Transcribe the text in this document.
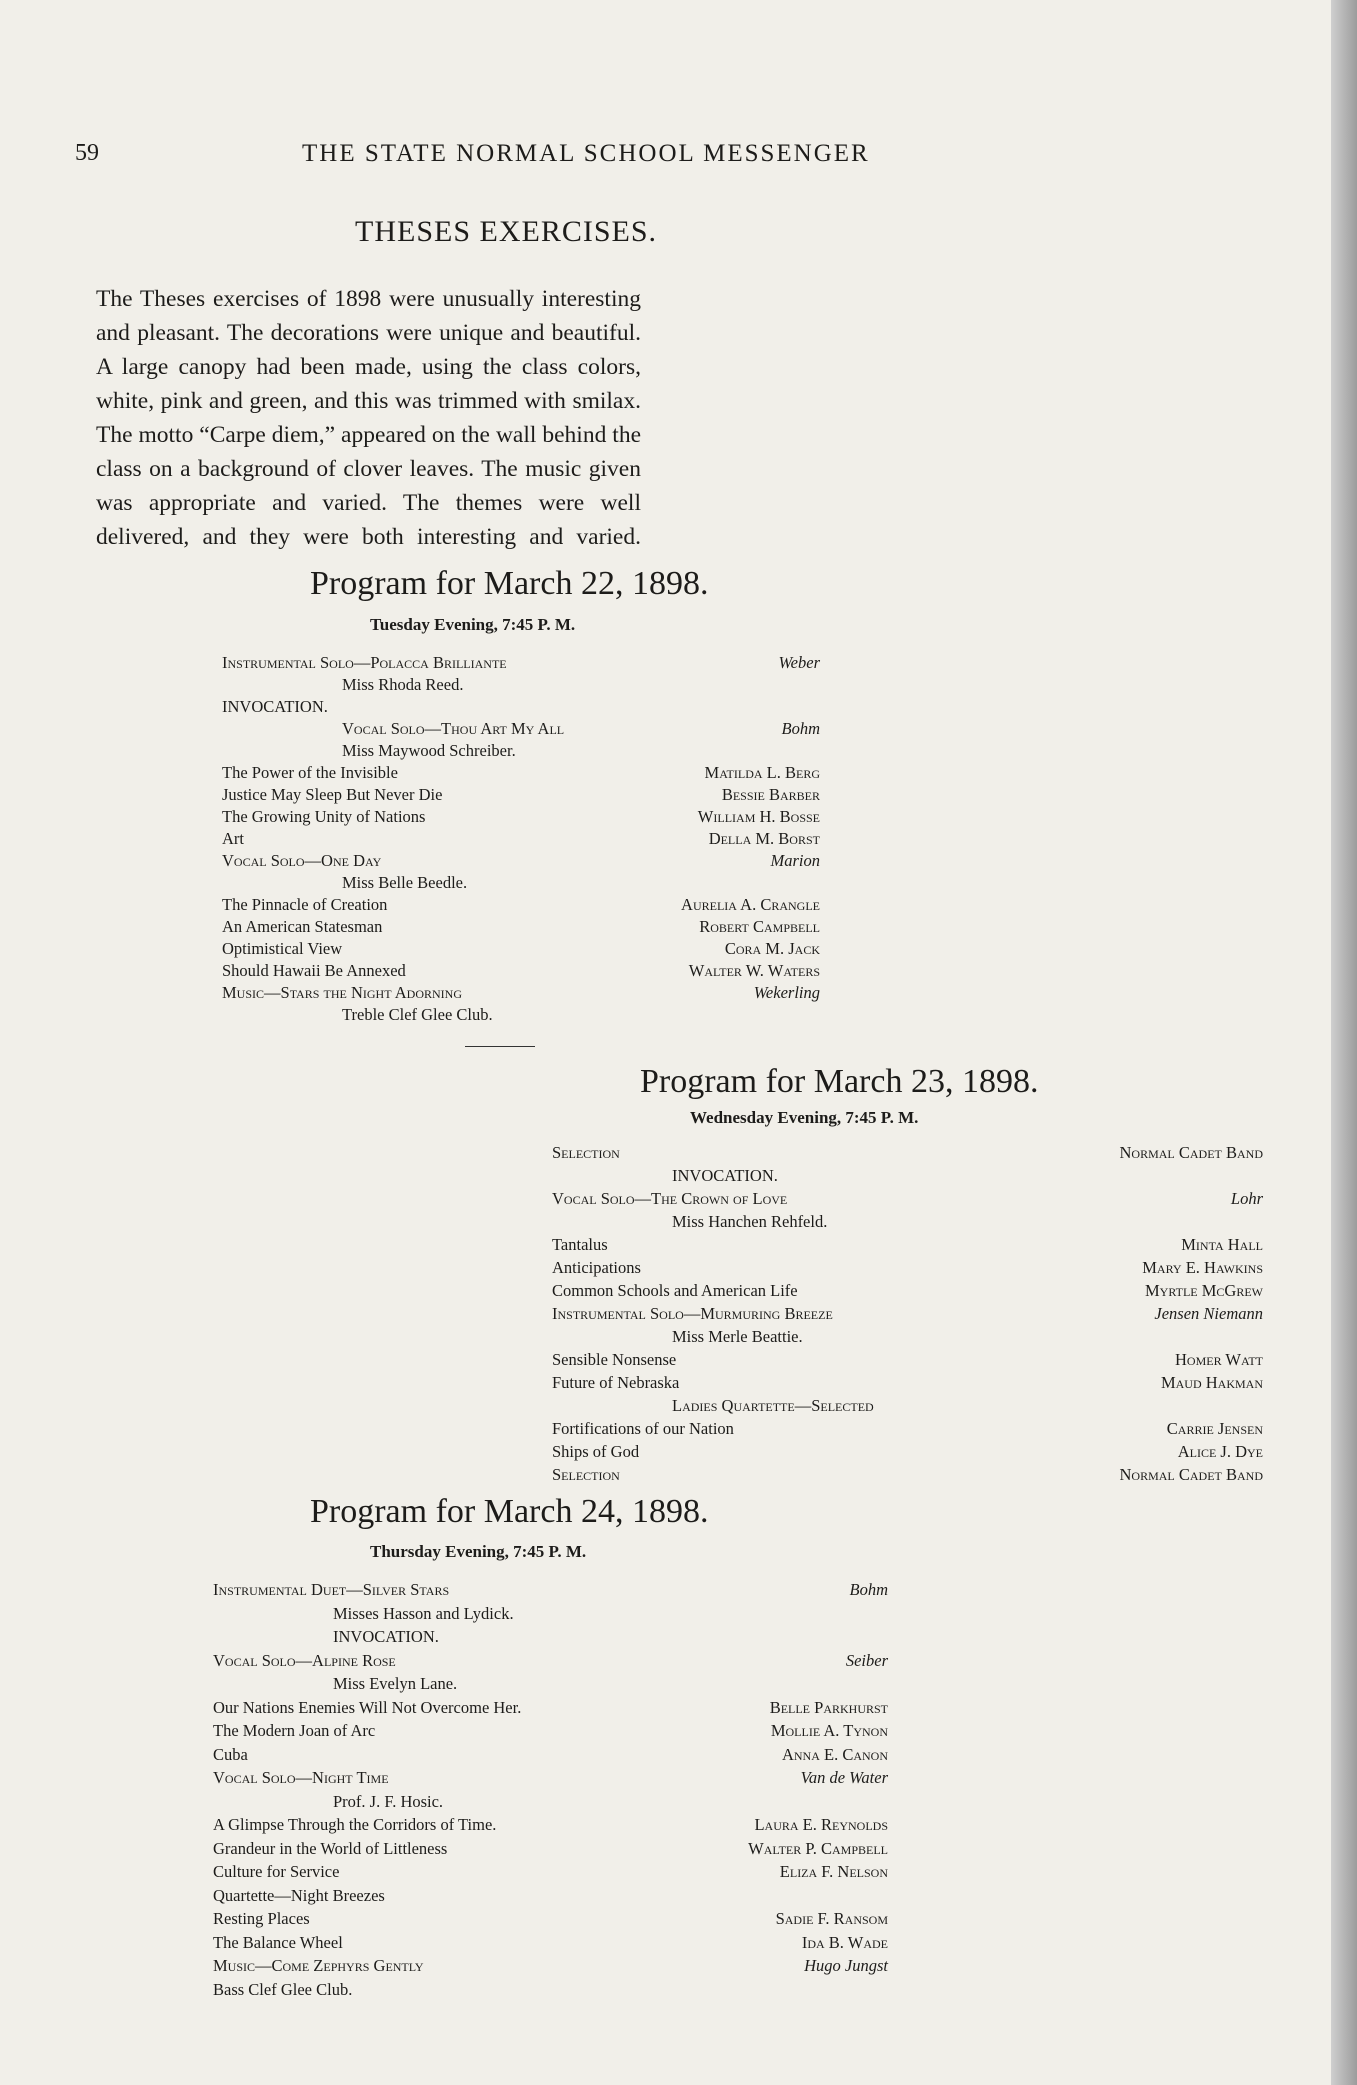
59	THE STATE NORMAL SCHOOL MESSENGER
THESES EXERCISES.

The Theses exercises of 1898 were unusually interesting and pleasant. The decorations were unique and beautiful. A large canopy had been made, using the class colors, white, pink and green, and this was trimmed with smilax. The motto “Carpe diem,” appeared on the wall behind the class on a background of clover leaves. The music given was appropriate and varied. The themes were well delivered, and they were both interesting and varied.

Program for March 22, 1898.
Tuesday Evening, 7:45 P. M.
Instrumental Solo—Polacca Brilliante	Weber
Miss Rhoda Reed.
INVOCATION.
Vocal Solo—Thou Art My All	Bohm
Miss Maywood Schreiber.
The Power of the Invisible	Matilda L. Berg
Justice May Sleep But Never Die	Bessie Barber
The Growing Unity of Nations	William H. Bosse
Art	Della M. Borst
Vocal Solo—One Day	Marion
Miss Belle Beedle.
The Pinnacle of Creation	Aurelia A. Crangle
An American Statesman	Robert Campbell
Optimistical View	Cora M. Jack
Should Hawaii Be Annexed	Walter W. Waters
Music—Stars the Night Adorning	Wekerling
Treble Clef Glee Club.
Program for March 23, 1898.
Wednesday Evening, 7:45 P. M.
Selection	Normal Cadet Band
INVOCATION.
Vocal Solo—The Crown of Love	Lohr
Miss Hanchen Rehfeld.
Tantalus	Minta Hall
Anticipations	Mary E. Hawkins
Common Schools and American Life	Myrtle McGrew
Instrumental Solo—Murmuring Breeze	Jensen Niemann
Miss Merle Beattie.
Sensible Nonsense	Homer Watt
Future of Nebraska	Maud Hakman
Ladies Quartette—Selected
Fortifications of our Nation	Carrie Jensen
Ships of God	Alice J. Dye
Selection	Normal Cadet Band
Program for March 24, 1898.
Thursday Evening, 7:45 P. M.
Instrumental Duet—Silver Stars	Bohm
Misses Hasson and Lydick.
INVOCATION.
Vocal Solo—Alpine Rose	Seiber
Miss Evelyn Lane.
Our Nations Enemies Will Not Overcome Her.	Belle Parkhurst
The Modern Joan of Arc	Mollie A. Tynon
Cuba	Anna E. Canon
Vocal Solo—Night Time	Van de Water
Prof. J. F. Hosic.
A Glimpse Through the Corridors of Time.	Laura E. Reynolds
Grandeur in the World of Littleness	Walter P. Campbell
Culture for Service	Eliza F. Nelson
Quartette—Night Breezes
Resting Places	Sadie F. Ransom
The Balance Wheel	Ida B. Wade
Music—Come Zephyrs Gently	Hugo Jungst
Bass Clef Glee Club.
